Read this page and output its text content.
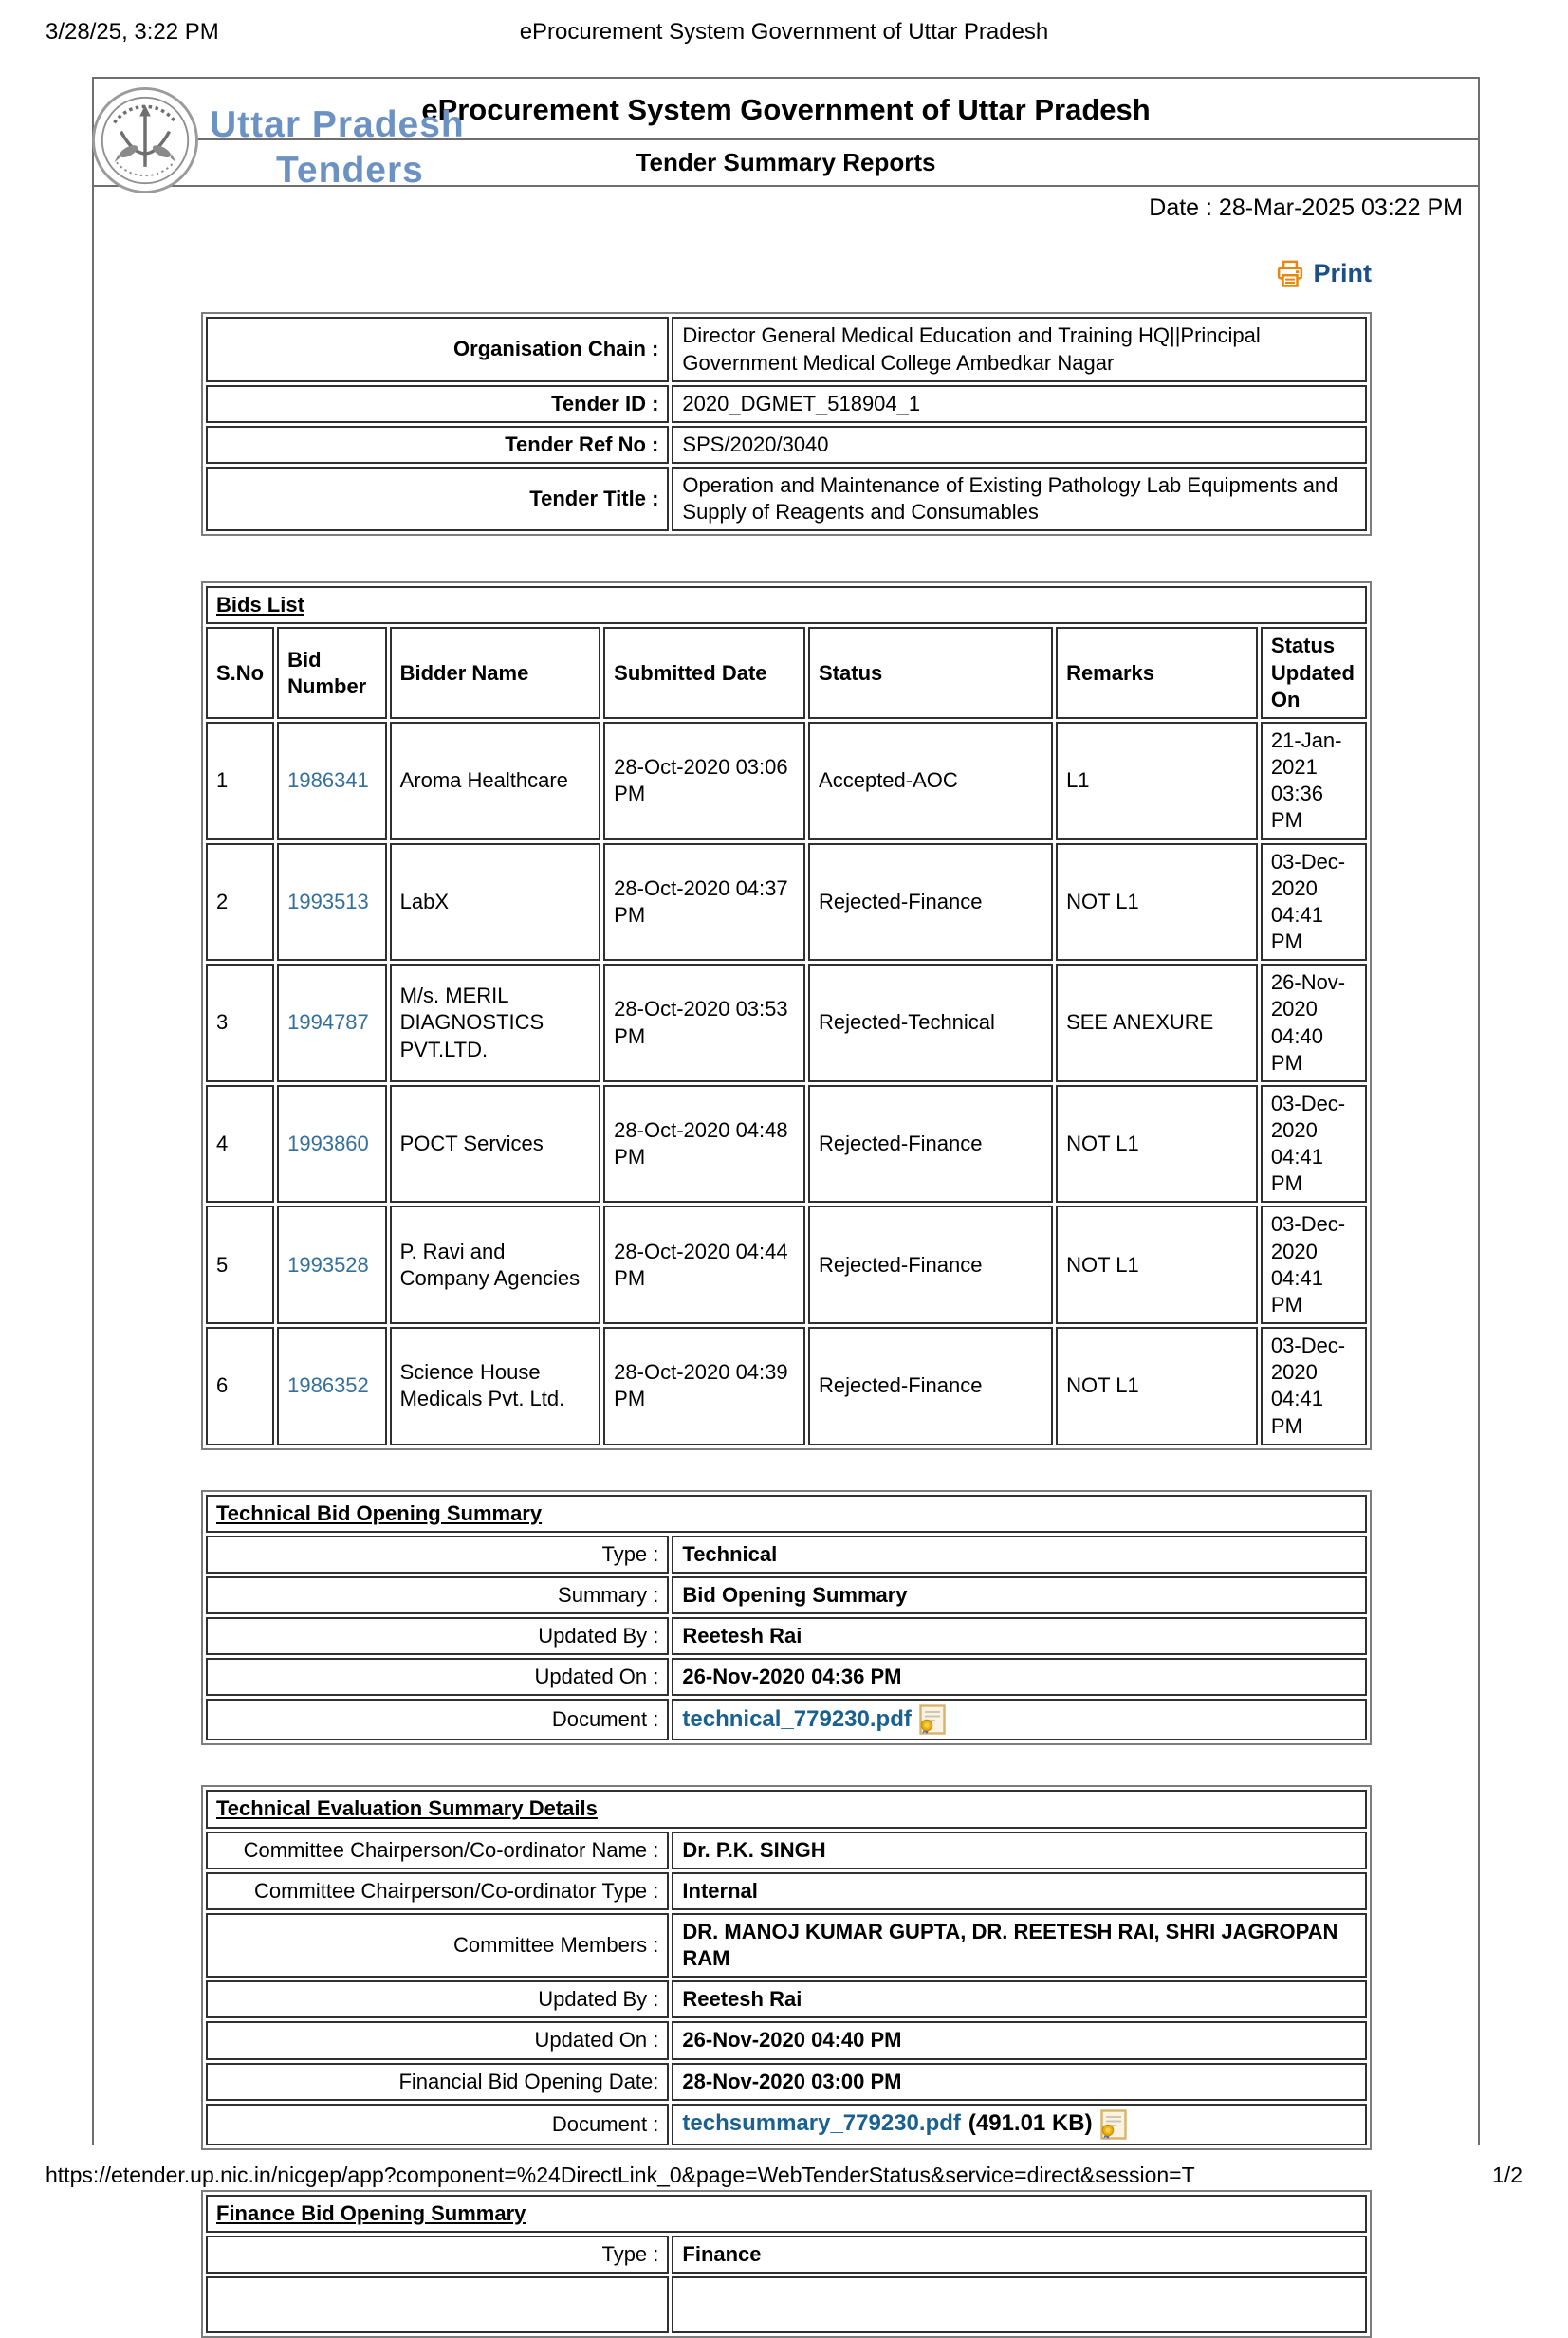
3/28/25, 3:22 PM	eProcurement System Government of Uttar Pradesh
eProcurement System Government of Uttar Pradesh
Tender Summary Reports
Date : 28-Mar-2025 03:22 PM
Print
Organisation Chain :	Director General Medical Education and Training HQ||Principal Government Medical College Ambedkar Nagar
Tender ID :	2020_DGMET_518904_1
Tender Ref No :	SPS/2020/3040
Tender Title :	Operation and Maintenance of Existing Pathology Lab Equipments and Supply of Reagents and Consumables
Bids List						
S.No	Bid Number	Bidder Name	Submitted Date	Status	Remarks	Status Updated On
1	1986341	Aroma Healthcare	28-Oct-2020 03:06 PM	Accepted-AOC	L1	21-Jan-2021 03:36 PM
2	1993513	LabX	28-Oct-2020 04:37 PM	Rejected-Finance	NOT L1	03-Dec-2020 04:41 PM
3	1994787	M/s. MERIL DIAGNOSTICS PVT.LTD.	28-Oct-2020 03:53 PM	Rejected-Technical	SEE ANEXURE	26-Nov-2020 04:40 PM
4	1993860	POCT Services	28-Oct-2020 04:48 PM	Rejected-Finance	NOT L1	03-Dec-2020 04:41 PM
5	1993528	P. Ravi and Company Agencies	28-Oct-2020 04:44 PM	Rejected-Finance	NOT L1	03-Dec-2020 04:41 PM
6	1986352	Science House Medicals Pvt. Ltd.	28-Oct-2020 04:39 PM	Rejected-Finance	NOT L1	03-Dec-2020 04:41 PM
Technical Bid Opening Summary	
Type :	Technical
Summary :	Bid Opening Summary
Updated By :	Reetesh Rai
Updated On :	26-Nov-2020 04:36 PM
Document :	technical_779230.pdf
Technical Evaluation Summary Details	
Committee Chairperson/Co-ordinator Name :	Dr. P.K. SINGH
Committee Chairperson/Co-ordinator Type :	Internal
Committee Members :	DR. MANOJ KUMAR GUPTA, DR. REETESH RAI, SHRI JAGROPAN RAM
Updated By :	Reetesh Rai
Updated On :	26-Nov-2020 04:40 PM
Financial Bid Opening Date:	28-Nov-2020 03:00 PM
Document :	techsummary_779230.pdf (491.01 KB)
Finance Bid Opening Summary	
Type :	Finance

Uttar Pradesh
Tenders
https://etender.up.nic.in/nicgep/app?component=%24DirectLink_0&page=WebTenderStatus&service=direct&session=T	1/2
